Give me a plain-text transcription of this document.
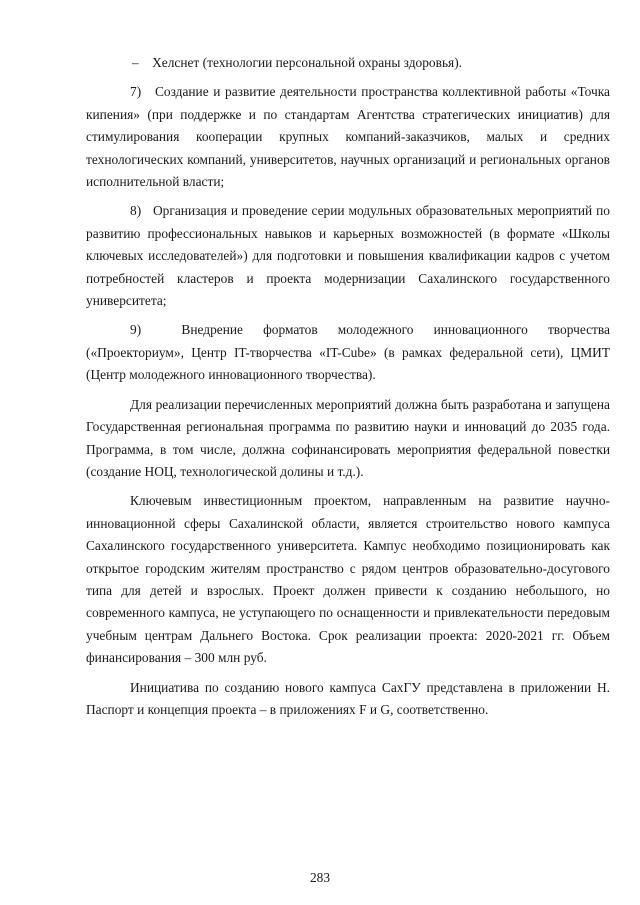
–    Хелснет (технологии персональной охраны здоровья).

7)   Создание и развитие деятельности пространства коллективной работы «Точка кипения» (при поддержке и по стандартам Агентства стратегических инициатив) для стимулирования кооперации крупных компаний-заказчиков, малых и средних технологических компаний, университетов, научных организаций и региональных органов исполнительной власти;

8)   Организация и проведение серии модульных образовательных мероприятий по развитию профессиональных навыков и карьерных возможностей (в формате «Школы ключевых исследователей») для подготовки и повышения квалификации кадров с учетом потребностей кластеров и проекта модернизации Сахалинского государственного университета;

9)  Внедрение форматов молодежного инновационного творчества («Проекториум», Центр IT-творчества «IT-Cube» (в рамках федеральной сети), ЦМИТ (Центр молодежного инновационного творчества).

Для реализации перечисленных мероприятий должна быть разработана и запущена Государственная региональная программа по развитию науки и инноваций до 2035 года. Программа, в том числе, должна софинансировать мероприятия федеральной повестки (создание НОЦ, технологической долины и т.д.).

Ключевым инвестиционным проектом, направленным на развитие научно-инновационной сферы Сахалинской области, является строительство нового кампуса Сахалинского государственного университета. Кампус необходимо позиционировать как открытое городским жителям пространство с рядом центров образовательно-досугового типа для детей и взрослых. Проект должен привести к созданию небольшого, но современного кампуса, не уступающего по оснащенности и привлекательности передовым учебным центрам Дальнего Востока. Срок реализации проекта: 2020-2021 гг. Объем финансирования – 300 млн руб.

Инициатива по созданию нового кампуса СахГУ представлена в приложении H. Паспорт и концепция проекта – в приложениях F и G, соответственно.

283
